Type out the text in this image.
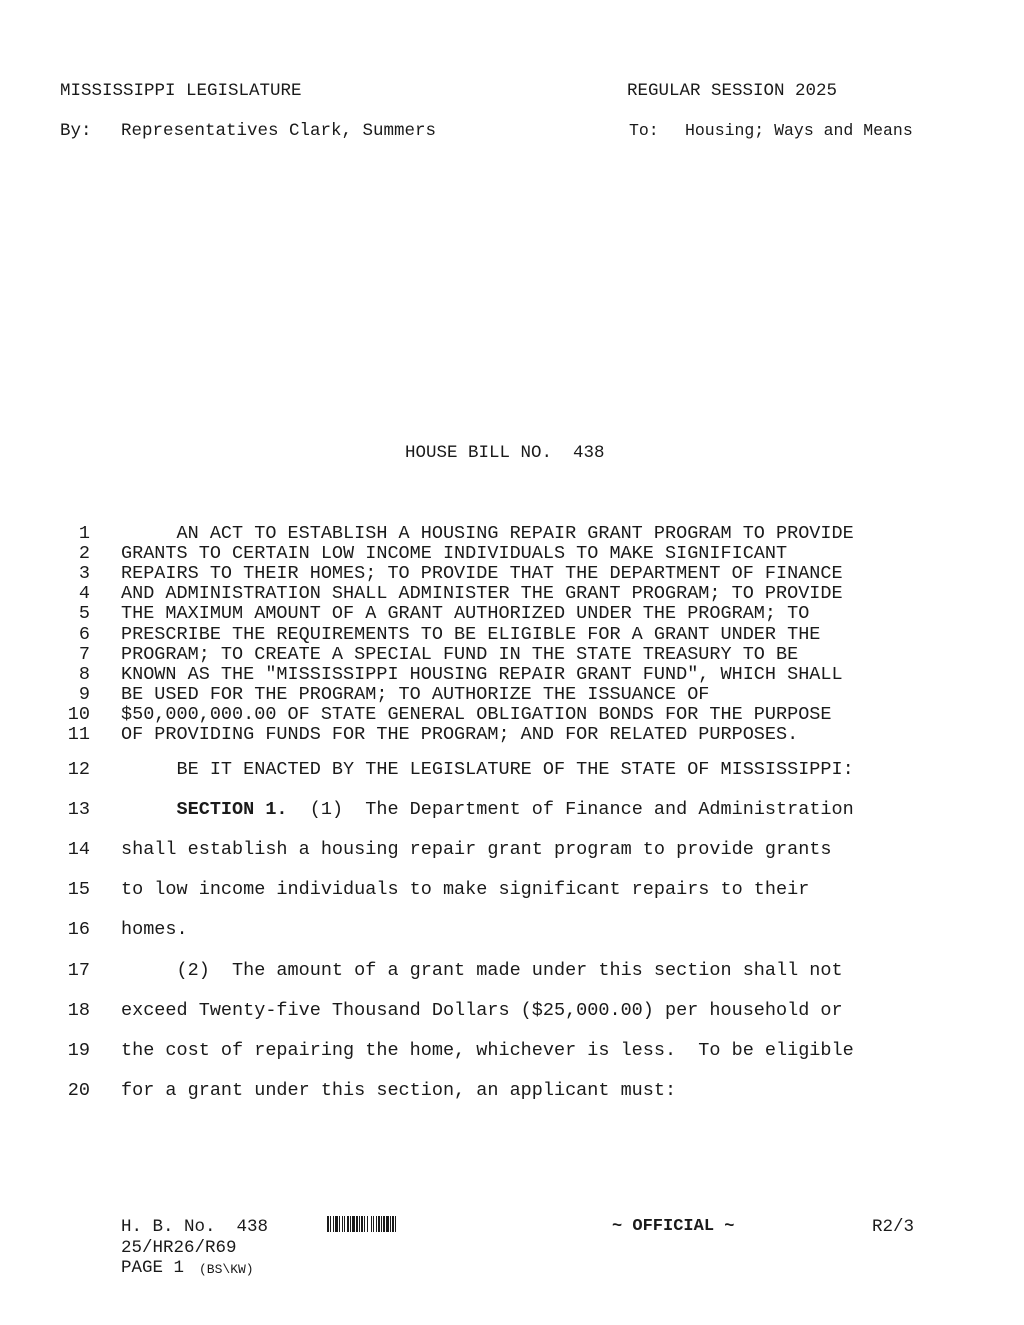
MISSISSIPPI LEGISLATURE	REGULAR SESSION 2025
By: Representatives Clark, Summers	To: Housing; Ways and Means
HOUSE BILL NO.  438
1 AN ACT TO ESTABLISH A HOUSING REPAIR GRANT PROGRAM TO PROVIDE
2 GRANTS TO CERTAIN LOW INCOME INDIVIDUALS TO MAKE SIGNIFICANT
3 REPAIRS TO THEIR HOMES; TO PROVIDE THAT THE DEPARTMENT OF FINANCE
4 AND ADMINISTRATION SHALL ADMINISTER THE GRANT PROGRAM; TO PROVIDE
5 THE MAXIMUM AMOUNT OF A GRANT AUTHORIZED UNDER THE PROGRAM; TO
6 PRESCRIBE THE REQUIREMENTS TO BE ELIGIBLE FOR A GRANT UNDER THE
7 PROGRAM; TO CREATE A SPECIAL FUND IN THE STATE TREASURY TO BE
8 KNOWN AS THE "MISSISSIPPI HOUSING REPAIR GRANT FUND", WHICH SHALL
9 BE USED FOR THE PROGRAM; TO AUTHORIZE THE ISSUANCE OF
10 $50,000,000.00 OF STATE GENERAL OBLIGATION BONDS FOR THE PURPOSE
11 OF PROVIDING FUNDS FOR THE PROGRAM; AND FOR RELATED PURPOSES.
12 BE IT ENACTED BY THE LEGISLATURE OF THE STATE OF MISSISSIPPI:
13	SECTION 1.  (1)  The Department of Finance and Administration
14 shall establish a housing repair grant program to provide grants
15 to low income individuals to make significant repairs to their
16 homes.
17 (2)  The amount of a grant made under this section shall not
18 exceed Twenty-five Thousand Dollars ($25,000.00) per household or
19 the cost of repairing the home, whichever is less.  To be eligible
20 for a grant under this section, an applicant must:
H. B. No.  438	~ OFFICIAL ~	R2/3
25/HR26/R69
PAGE 1 (BS\KW)
